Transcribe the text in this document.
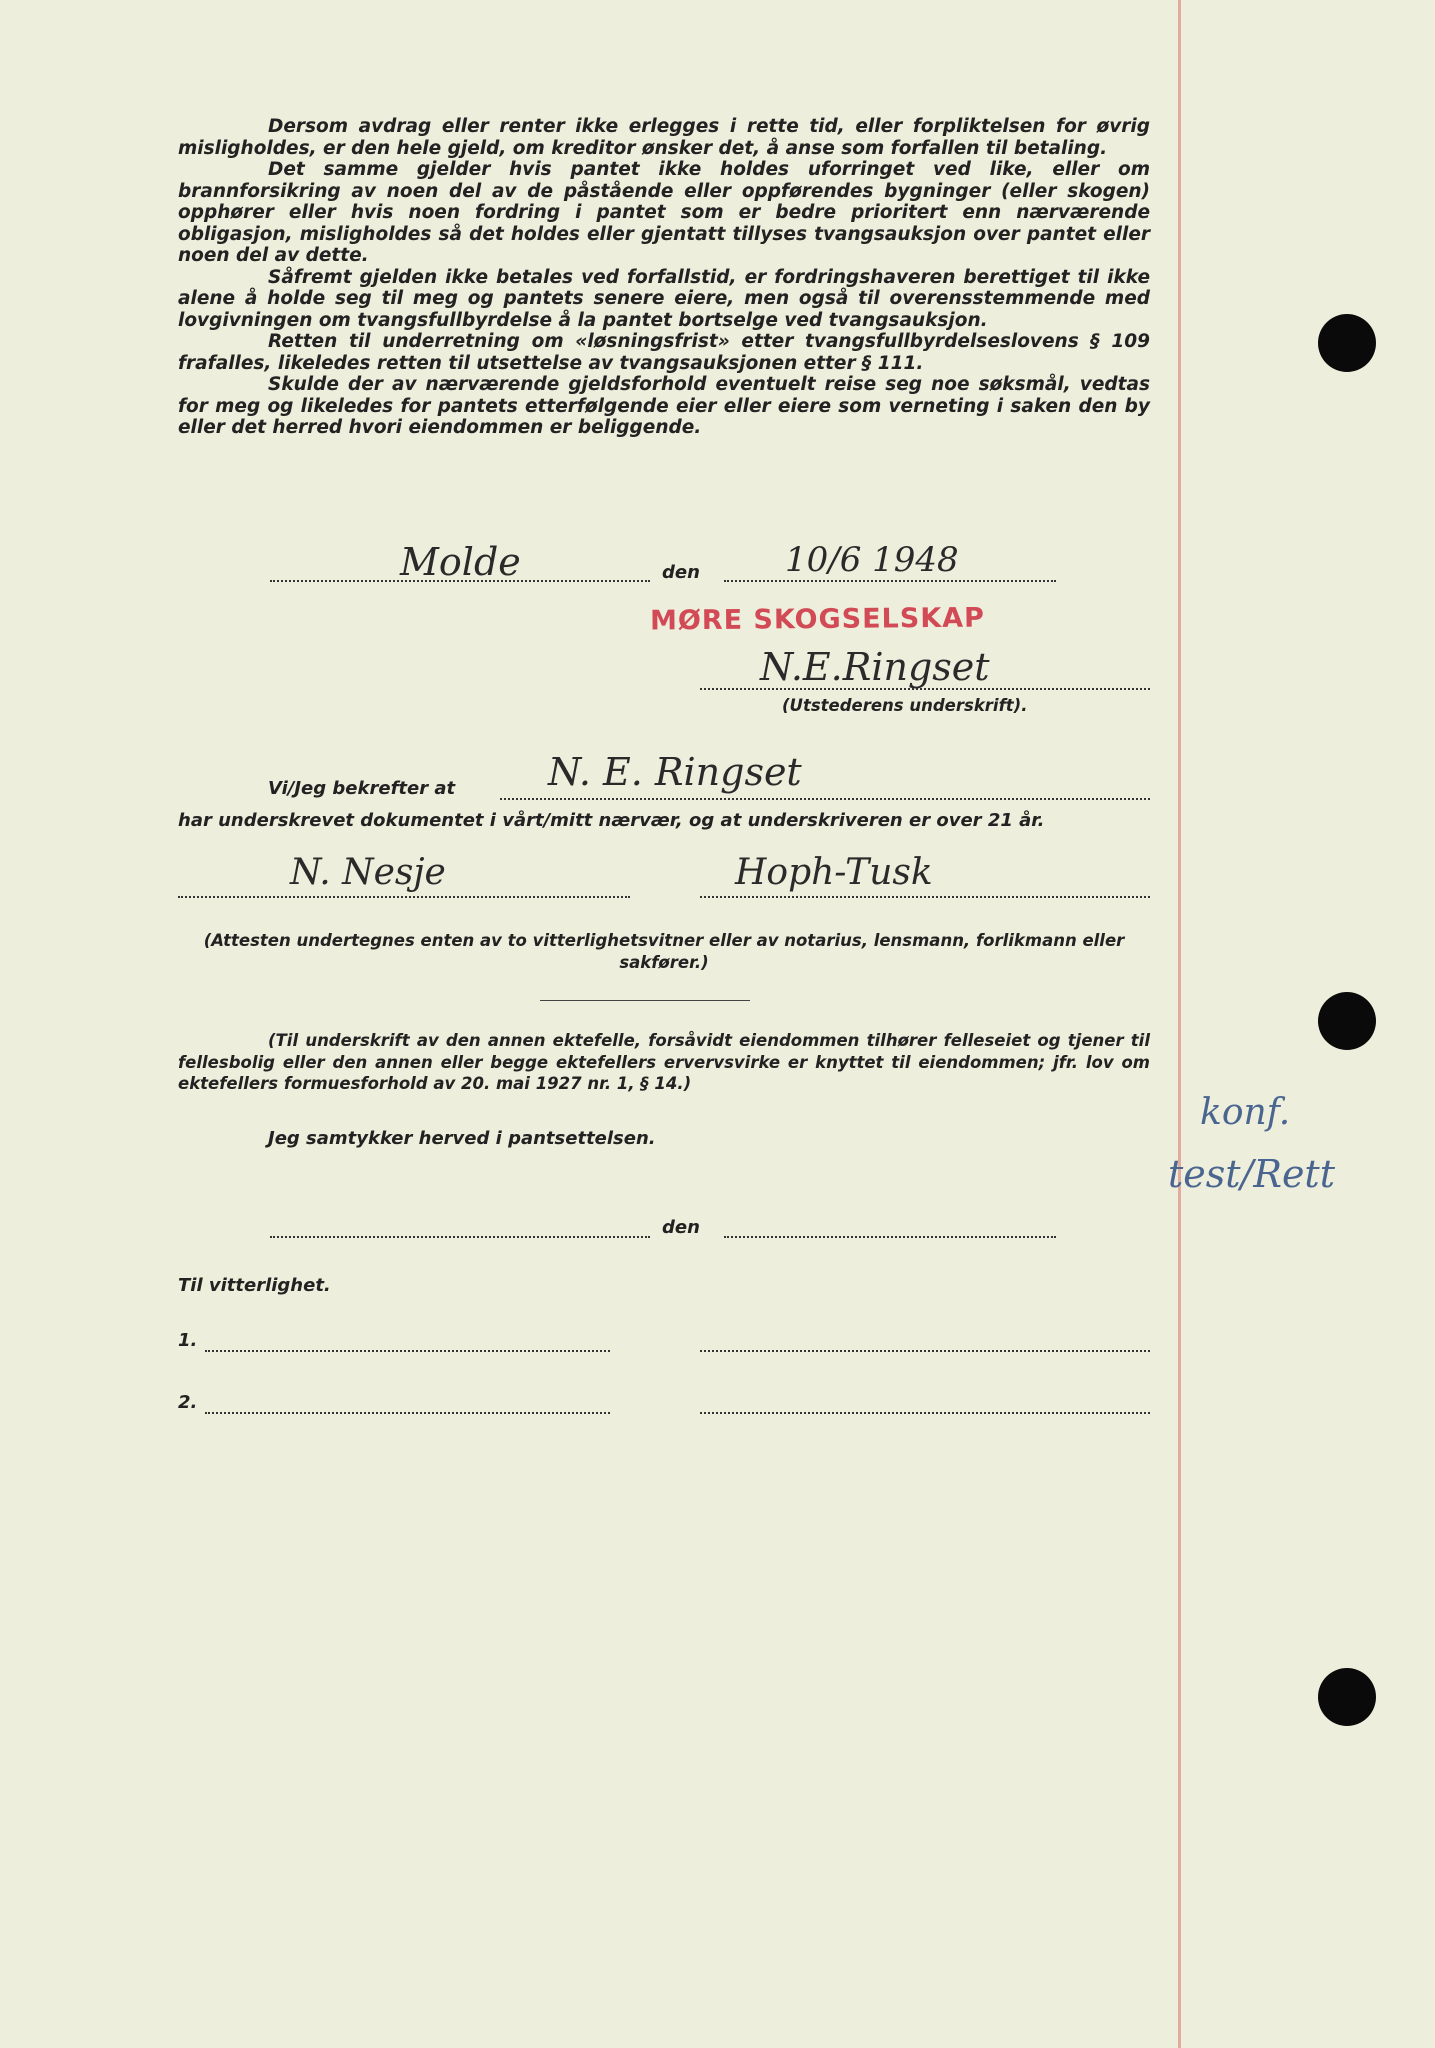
Dersom avdrag eller renter ikke erlegges i rette tid, eller forpliktelsen for øvrig misligholdes, er den hele gjeld, om kreditor ønsker det, å anse som forfallen til betaling.
Det samme gjelder hvis pantet ikke holdes uforringet ved like, eller om brannforsikring av noen del av de påstående eller oppførendes bygninger (eller skogen) opphører eller hvis noen fordring i pantet som er bedre prioritert enn nærværende obligasjon, misligholdes så det holdes eller gjentatt tillyses tvangsauksjon over pantet eller noen del av dette.
Såfremt gjelden ikke betales ved forfallstid, er fordringshaveren berettiget til ikke alene å holde seg til meg og pantets senere eiere, men også til overensstemmende med lovgivningen om tvangsfullbyrdelse å la pantet bortselge ved tvangsauksjon.
Retten til underretning om «løsningsfrist» etter tvangsfullbyrdelseslovens § 109 frafalles, likeledes retten til utsettelse av tvangsauksjonen etter § 111.
Skulde der av nærværende gjeldsforhold eventuelt reise seg noe søksmål, vedtas for meg og likeledes for pantets etterfølgende eier eller eiere som verneting i saken den by eller det herred hvori eiendommen er beliggende.
Molde	den	10/6 1948
MØRE SKOGSELSKAP
N.E.Ringset
(Utstederens underskrift).
Vi/Jeg bekrefter at N. E. Ringset
har underskrevet dokumentet i vårt/mitt nærvær, og at underskriveren er over 21 år.
N. Nesje	Hoph-Tusk
(Attesten undertegnes enten av to vitterlighetsvitner eller av notarius, lensmann, forlikmann eller sakfører.)
(Til underskrift av den annen ektefelle, forsåvidt eiendommen tilhører felleseiet og tjener til fellesbolig eller den annen eller begge ektefellers ervervsvirke er knyttet til eiendommen; jfr. lov om ektefellers formuesforhold av 20. mai 1927 nr. 1, § 14.)
Jeg samtykker herved i pantsettelsen.
den
Til vitterlighet.
1.
2.
konf.
test/Rett
